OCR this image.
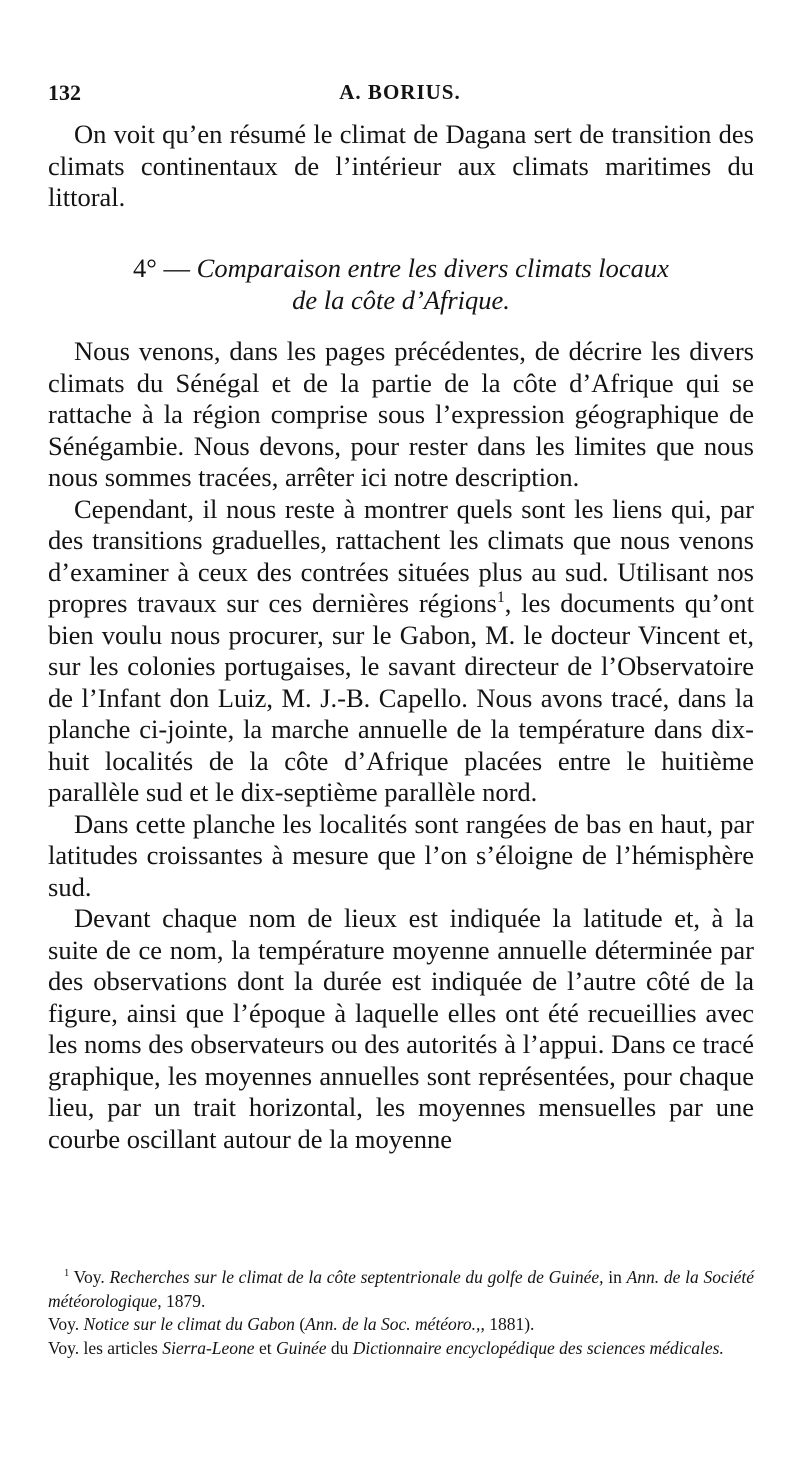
132	A. BORIUS.

On voit qu’en résumé le climat de Dagana sert de transition des climats continentaux de l’intérieur aux climats maritimes du littoral.

4° — Comparaison entre les divers climats locaux
de la côte d’Afrique.

Nous venons, dans les pages précédentes, de décrire les divers climats du Sénégal et de la partie de la côte d’Afrique qui se rattache à la région comprise sous l’expression géographique de Sénégambie. Nous devons, pour rester dans les limites que nous nous sommes tracées, arrêter ici notre description.

Cependant, il nous reste à montrer quels sont les liens qui, par des transitions graduelles, rattachent les climats que nous venons d’examiner à ceux des contrées situées plus au sud. Utilisant nos propres travaux sur ces dernières régions$^1$, les documents qu’ont bien voulu nous procurer, sur le Gabon, M. le docteur Vincent et, sur les colonies portugaises, le savant directeur de l’Observatoire de l’Infant don Luiz, M. J.-B. Capello. Nous avons tracé, dans la planche ci-jointe, la marche annuelle de la température dans dix-huit localités de la côte d’Afrique placées entre le huitième parallèle sud et le dix-septième parallèle nord.

Dans cette planche les localités sont rangées de bas en haut, par latitudes croissantes à mesure que l’on s’éloigne de l’hémisphère sud.

Devant chaque nom de lieux est indiquée la latitude et, à la suite de ce nom, la température moyenne annuelle déterminée par des observations dont la durée est indiquée de l’autre côté de la figure, ainsi que l’époque à laquelle elles ont été recueillies avec les noms des observateurs ou des autorités à l’appui. Dans ce tracé graphique, les moyennes annuelles sont représentées, pour chaque lieu, par un trait horizontal, les moyennes mensuelles par une courbe oscillant autour de la moyenne

$^1$ Voy. Recherches sur le climat de la côte septentrionale du golfe de Guinée, in Ann. de la Société météorologique, 1879.

Voy. Notice sur le climat du Gabon (Ann. de la Soc. météoro.,, 1881).

Voy. les articles Sierra-Leone et Guinée du Dictionnaire encyclopédique des sciences médicales.
